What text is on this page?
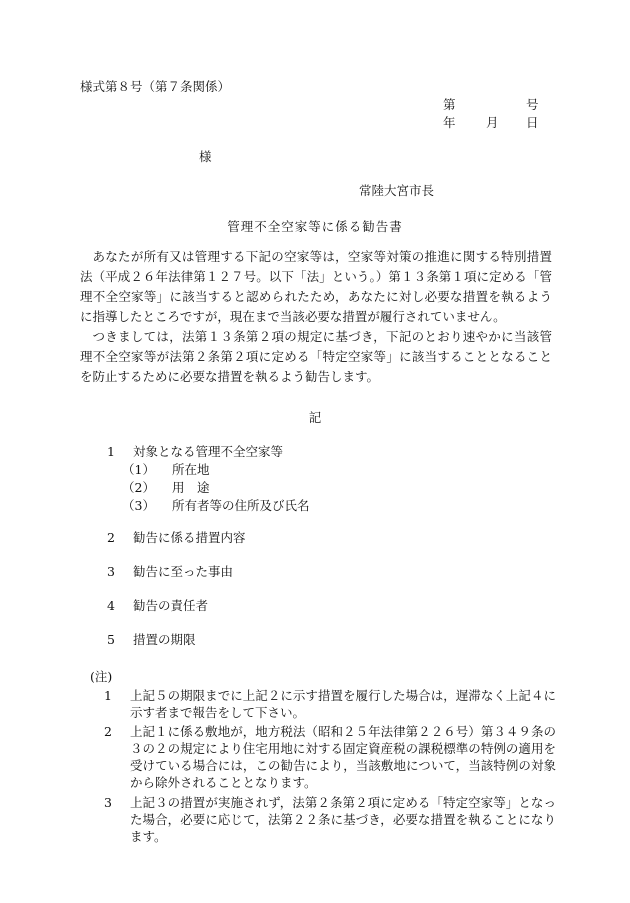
様式第８号（第７条関係）
第	号
年 月 日
様
常陸大宮市長
管理不全空家等に係る勧告書

あなたが所有又は管理する下記の空家等は，空家等対策の推進に関する特別措置法（平成２６年法律第１２７号。以下「法」という。）第１３条第１項に定める「管理不全空家等」に該当すると認められたため，あなたに対し必要な措置を執るように指導したところですが，現在まで当該必要な措置が履行されていません。

つきましては，法第１３条第２項の規定に基づき，下記のとおり速やかに当該管理不全空家等が法第２条第２項に定める「特定空家等」に該当することとなることを防止するために必要な措置を執るよう勧告します。

記
1 対象となる管理不全空家等
（1） 所在地
（2） 用　途
（3） 所有者等の住所及び氏名
2 勧告に係る措置内容
3 勧告に至った事由
4 勧告の責任者
5 措置の期限
(注)
1 上記５の期限までに上記２に示す措置を履行した場合は，遅滞なく上記４に示す者まで報告をして下さい。
2 上記１に係る敷地が，地方税法（昭和２５年法律第２２６号）第３４９条の３の２の規定により住宅用地に対する固定資産税の課税標準の特例の適用を受けている場合には，この勧告により，当該敷地について，当該特例の対象から除外されることとなります。
3 上記３の措置が実施されず，法第２条第２項に定める「特定空家等」となった場合，必要に応じて，法第２２条に基づき，必要な措置を執ることになります。
